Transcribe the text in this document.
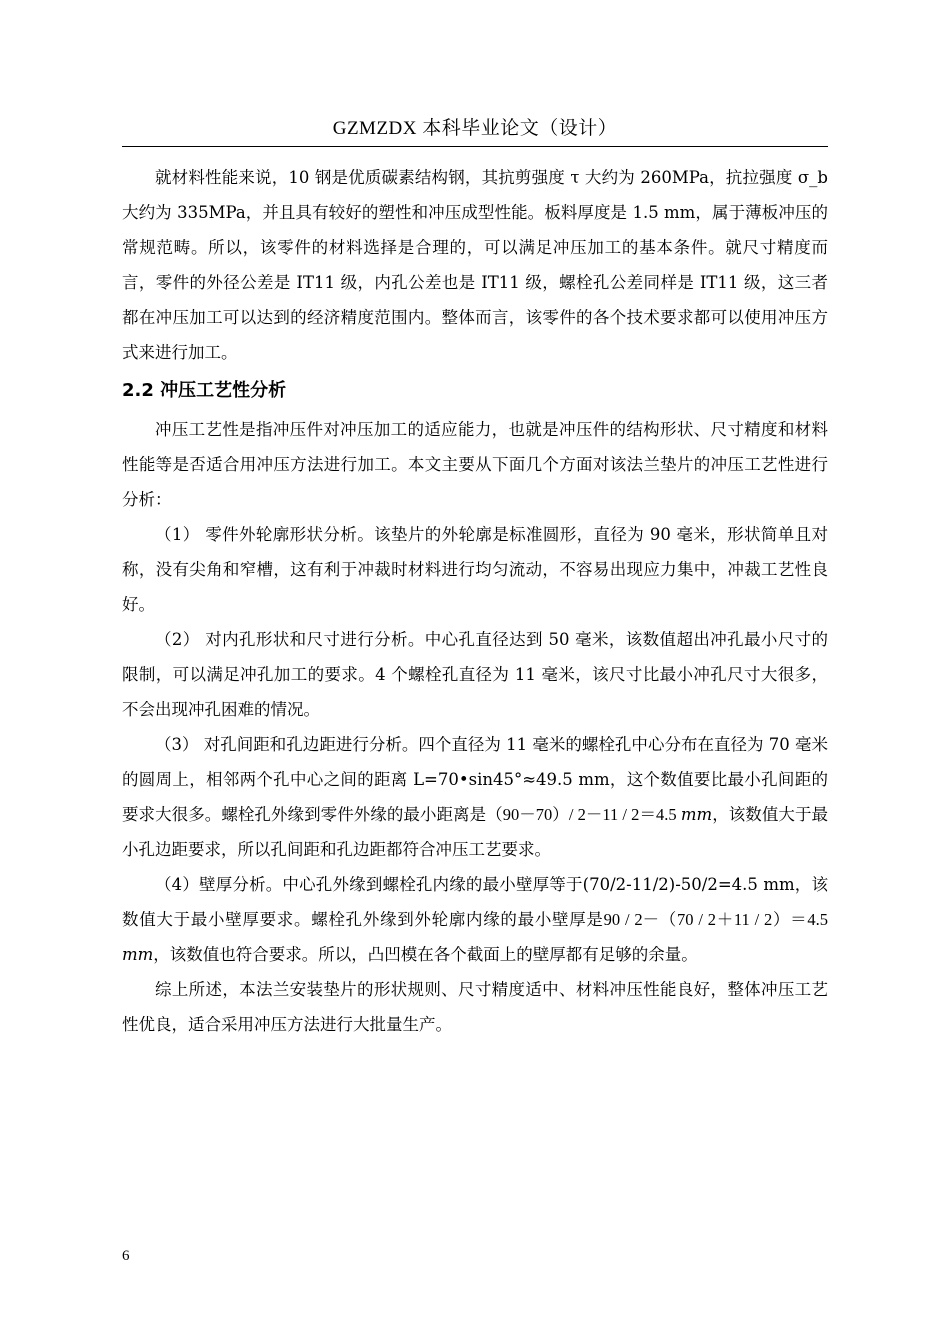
GZMZDX 本科毕业论文（设计）

就材料性能来说，10 钢是优质碳素结构钢，其抗剪强度 τ 大约为 260MPa，抗拉强度 σ_b 大约为 335MPa，并且具有较好的塑性和冲压成型性能。板料厚度是 1.5 mm，属于薄板冲压的常规范畴。所以，该零件的材料选择是合理的，可以满足冲压加工的基本条件。就尺寸精度而言，零件的外径公差是 IT11 级，内孔公差也是 IT11 级，螺栓孔公差同样是 IT11 级，这三者都在冲压加工可以达到的经济精度范围内。整体而言，该零件的各个技术要求都可以使用冲压方式来进行加工。

2.2 冲压工艺性分析

冲压工艺性是指冲压件对冲压加工的适应能力，也就是冲压件的结构形状、尺寸精度和材料性能等是否适合用冲压方法进行加工。本文主要从下面几个方面对该法兰垫片的冲压工艺性进行分析：

（1） 零件外轮廓形状分析。该垫片的外轮廓是标准圆形，直径为 90 毫米，形状简单且对称，没有尖角和窄槽，这有利于冲裁时材料进行均匀流动，不容易出现应力集中，冲裁工艺性良好。

（2） 对内孔形状和尺寸进行分析。中心孔直径达到 50 毫米，该数值超出冲孔最小尺寸的限制，可以满足冲孔加工的要求。4 个螺栓孔直径为 11 毫米，该尺寸比最小冲孔尺寸大很多，不会出现冲孔困难的情况。

（3） 对孔间距和孔边距进行分析。四个直径为 11 毫米的螺栓孔中心分布在直径为 70 毫米的圆周上，相邻两个孔中心之间的距离 L=70•sin45°≈49.5 mm，这个数值要比最小孔间距的要求大很多。螺栓孔外缘到零件外缘的最小距离是（90－70）/ 2－11 / 2＝4.5 mm，该数值大于最小孔边距要求，所以孔间距和孔边距都符合冲压工艺要求。

（4）壁厚分析。中心孔外缘到螺栓孔内缘的最小壁厚等于(70/2-11/2)-50/2=4.5 mm，该数值大于最小壁厚要求。螺栓孔外缘到外轮廓内缘的最小壁厚是90 / 2－（70 / 2＋11 / 2）＝4.5 mm，该数值也符合要求。所以，凸凹模在各个截面上的壁厚都有足够的余量。

综上所述，本法兰安装垫片的形状规则、尺寸精度适中、材料冲压性能良好，整体冲压工艺性优良，适合采用冲压方法进行大批量生产。

6
